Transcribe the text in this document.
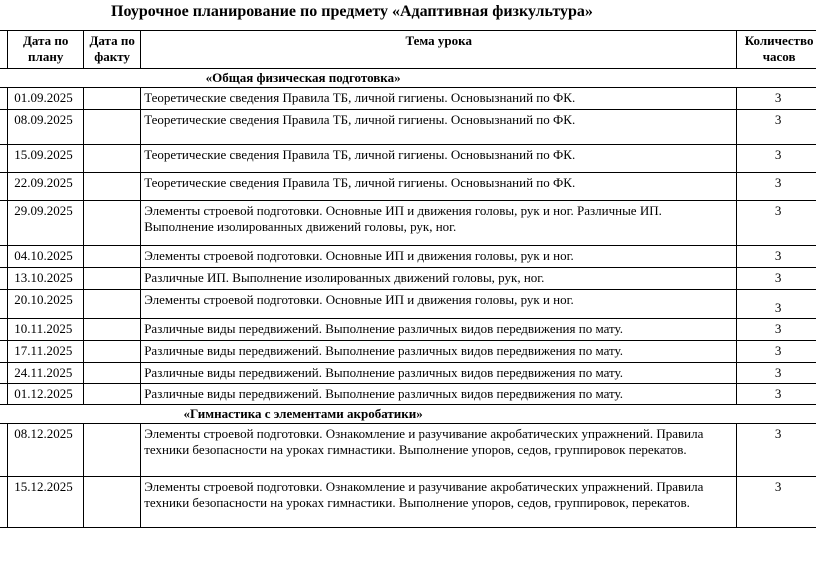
Поурочное планирование по предмету «Адаптивная физкультура»
	Дата по плану	Дата по факту	Тема урока	Количество часов
«Общая физическая подготовка»				
	01.09.2025		Теоретические сведения Правила ТБ, личной гигиены. Основызнаний по ФК.	3
	08.09.2025		Теоретические сведения Правила ТБ, личной гигиены. Основызнаний по ФК.	3
	15.09.2025		Теоретические сведения Правила ТБ, личной гигиены. Основызнаний по ФК.	3
	22.09.2025		Теоретические сведения Правила ТБ, личной гигиены. Основызнаний по ФК.	3
	29.09.2025		Элементы строевой подготовки. Основные ИП и движения головы, рук и ног. Различные ИП. Выполнение изолированных движений головы, рук, ног.	3
	04.10.2025		Элементы строевой подготовки. Основные ИП и движения головы, рук и ног.	3
	13.10.2025		Различные ИП. Выполнение изолированных движений головы, рук, ног.	3
	20.10.2025		Элементы строевой подготовки. Основные ИП и движения головы, рук и ног.	3
	10.11.2025		Различные виды передвижений. Выполнение различных видов передвижения по мату.	3
	17.11.2025		Различные виды передвижений. Выполнение различных видов передвижения по мату.	3
	24.11.2025		Различные виды передвижений. Выполнение различных видов передвижения по мату.	3
	01.12.2025		Различные виды передвижений. Выполнение различных видов передвижения по мату.	3
«Гимнастика с элементами акробатики»				
	08.12.2025		Элементы строевой подготовки. Ознакомление и разучивание акробатических упражнений. Правила техники безопасности на уроках гимнастики. Выполнение упоров, седов, группировок перекатов.	3
	15.12.2025		Элементы строевой подготовки. Ознакомление и разучивание акробатических упражнений. Правила техники безопасности на уроках гимнастики. Выполнение упоров, седов, группировок, перекатов.	3
